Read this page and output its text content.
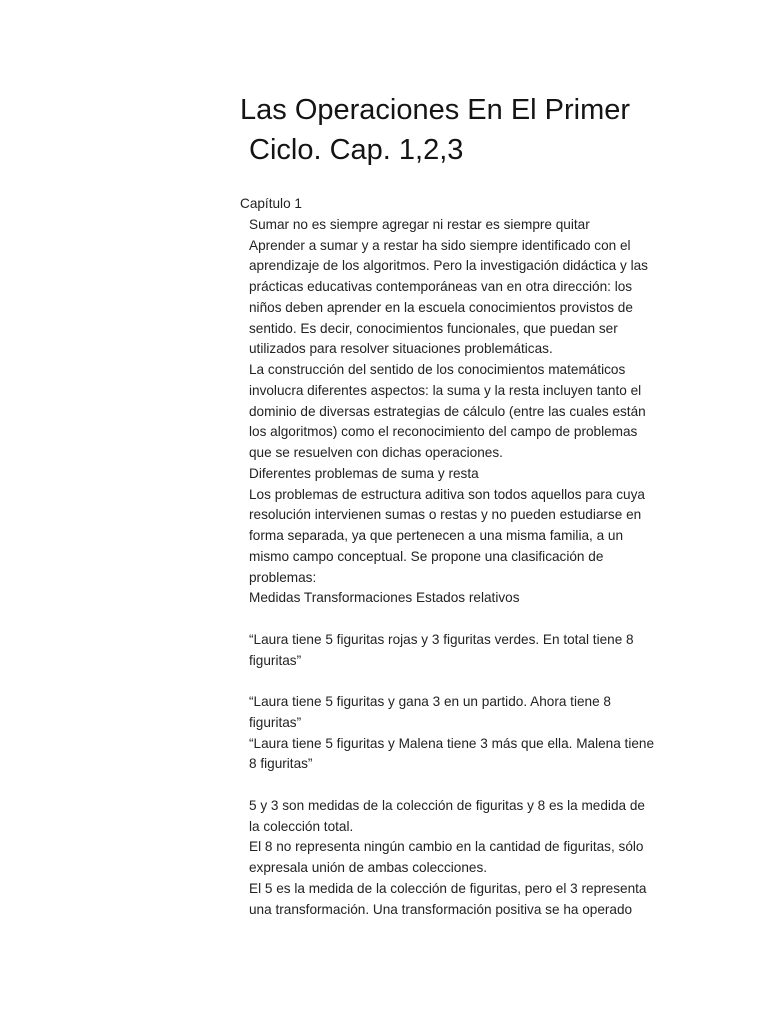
Las Operaciones En El Primer
Ciclo. Cap. 1,2,3
Capítulo 1
Sumar no es siempre agregar ni restar es siempre quitar
Aprender a sumar y a restar ha sido siempre identificado con el
aprendizaje de los algoritmos. Pero la investigación didáctica y las
prácticas educativas contemporáneas van en otra dirección: los
niños deben aprender en la escuela conocimientos provistos de
sentido. Es decir, conocimientos funcionales, que puedan ser
utilizados para resolver situaciones problemáticas.
La construcción del sentido de los conocimientos matemáticos
involucra diferentes aspectos: la suma y la resta incluyen tanto el
dominio de diversas estrategias de cálculo (entre las cuales están
los algoritmos) como el reconocimiento del campo de problemas
que se resuelven con dichas operaciones.
Diferentes problemas de suma y resta
Los problemas de estructura aditiva son todos aquellos para cuya
resolución intervienen sumas o restas y no pueden estudiarse en
forma separada, ya que pertenecen a una misma familia, a un
mismo campo conceptual. Se propone una clasificación de
problemas:
Medidas Transformaciones Estados relativos
“Laura tiene 5 figuritas rojas y 3 figuritas verdes. En total tiene 8
figuritas”
“Laura tiene 5 figuritas y gana 3 en un partido. Ahora tiene 8
figuritas”
“Laura tiene 5 figuritas y Malena tiene 3 más que ella. Malena tiene
8 figuritas”
5 y 3 son medidas de la colección de figuritas y 8 es la medida de
la colección total.
El 8 no representa ningún cambio en la cantidad de figuritas, sólo
expresala unión de ambas colecciones.
El 5 es la medida de la colección de figuritas, pero el 3 representa
una transformación. Una transformación positiva se ha operado
